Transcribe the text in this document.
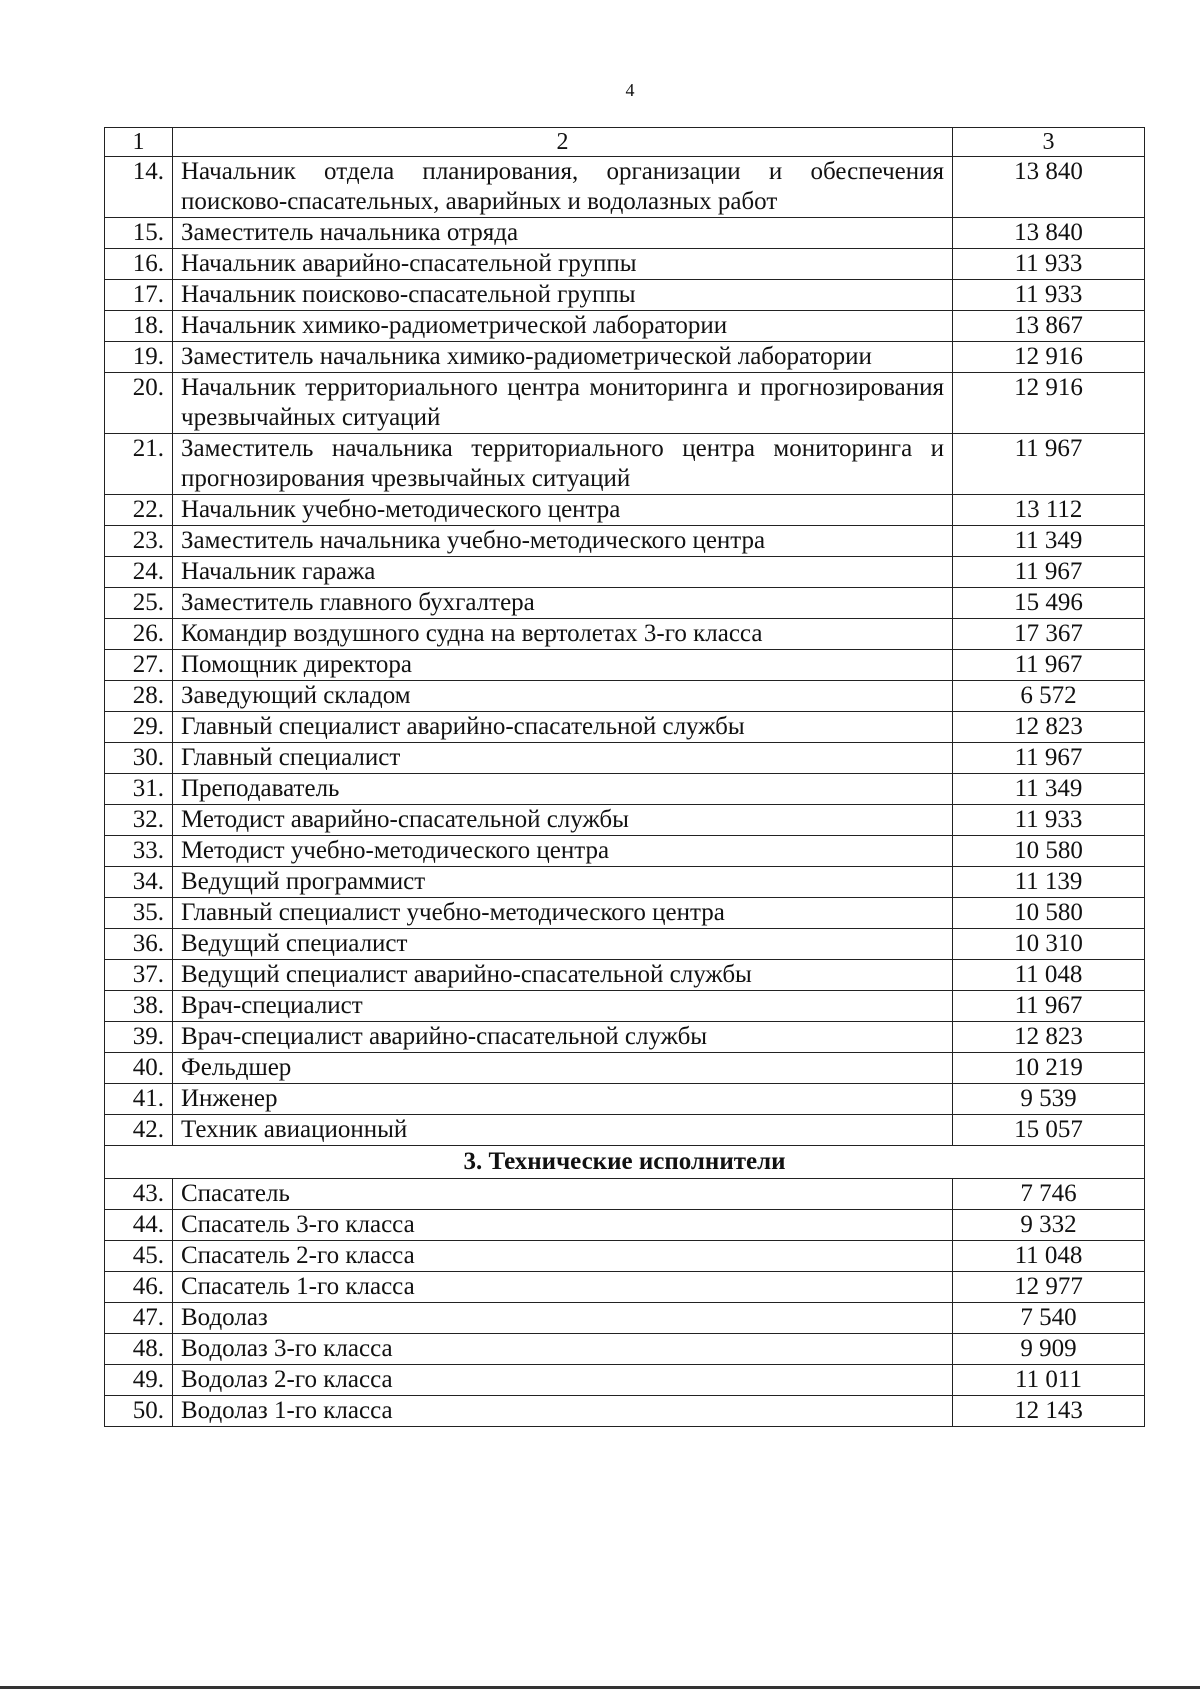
4
1	2	3
14.	Начальник отдела планирования, организации и обеспечения поисково-спасательных, аварийных и водолазных работ	13 840
15.	Заместитель начальника отряда	13 840
16.	Начальник аварийно-спасательной группы	11 933
17.	Начальник поисково-спасательной группы	11 933
18.	Начальник химико-радиометрической лаборатории	13 867
19.	Заместитель начальника химико-радиометрической лаборатории	12 916
20.	Начальник территориального центра мониторинга и прогнозирования чрезвычайных ситуаций	12 916
21.	Заместитель начальника территориального центра мониторинга и прогнозирования чрезвычайных ситуаций	11 967
22.	Начальник учебно-методического центра	13 112
23.	Заместитель начальника учебно-методического центра	11 349
24.	Начальник гаража	11 967
25.	Заместитель главного бухгалтера	15 496
26.	Командир воздушного судна на вертолетах 3-го класса	17 367
27.	Помощник директора	11 967
28.	Заведующий складом	6 572
29.	Главный специалист аварийно-спасательной службы	12 823
30.	Главный специалист	11 967
31.	Преподаватель	11 349
32.	Методист аварийно-спасательной службы	11 933
33.	Методист учебно-методического центра	10 580
34.	Ведущий программист	11 139
35.	Главный специалист учебно-методического центра	10 580
36.	Ведущий специалист	10 310
37.	Ведущий специалист аварийно-спасательной службы	11 048
38.	Врач-специалист	11 967
39.	Врач-специалист аварийно-спасательной службы	12 823
40.	Фельдшер	10 219
41.	Инженер	9 539
42.	Техник авиационный	15 057
3. Технические исполнители		
43.	Спасатель	7 746
44.	Спасатель 3-го класса	9 332
45.	Спасатель 2-го класса	11 048
46.	Спасатель 1-го класса	12 977
47.	Водолаз	7 540
48.	Водолаз 3-го класса	9 909
49.	Водолаз 2-го класса	11 011
50.	Водолаз 1-го класса	12 143
